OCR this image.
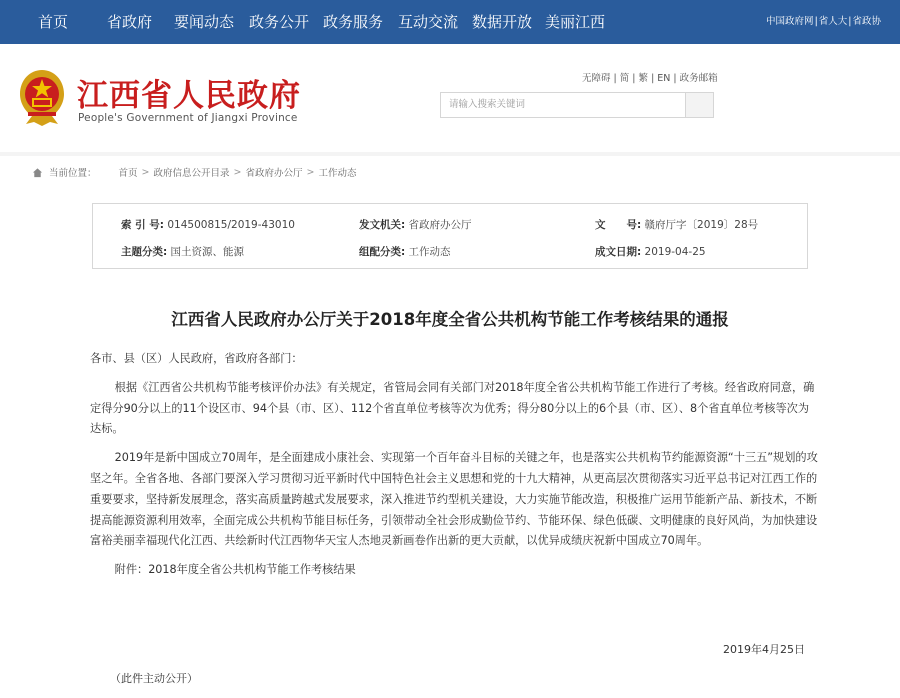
首页	省政府 要闻动态 政务公开 政务服务 互动交流 数据开放 美丽江西	中国政府网|省人大|省政协
江西省人民政府
People's Government of Jiangxi Province
无障碍 | 简 | 繁 | EN | 政务邮箱
请输入搜索关键词
当前位置： 首页 > 政府信息公开目录 > 省政府办公厅 > 工作动态
索 引 号: 014500815/2019-43010	发文机关: 省政府办公厅	文　　号: 赣府厅字〔2019〕28号
主题分类: 国土资源、能源	组配分类: 工作动态	成文日期: 2019-04-25
江西省人民政府办公厅关于2018年度全省公共机构节能工作考核结果的通报

各市、县（区）人民政府，省政府各部门：

根据《江西省公共机构节能考核评价办法》有关规定，省管局会同有关部门对2018年度全省公共机构节能工作进行了考核。经省政府同意，确定得分90分以上的11个设区市、94个县（市、区）、112个省直单位考核等次为优秀；得分80分以上的6个县（市、区）、8个省直单位考核等次为达标。

2019年是新中国成立70周年，是全面建成小康社会、实现第一个百年奋斗目标的关键之年，也是落实公共机构节约能源资源“十三五”规划的攻坚之年。全省各地、各部门要深入学习贯彻习近平新时代中国特色社会主义思想和党的十九大精神，从更高层次贯彻落实习近平总书记对江西工作的重要要求，坚持新发展理念，落实高质量跨越式发展要求，深入推进节约型机关建设，大力实施节能改造，积极推广运用节能新产品、新技术，不断提高能源资源利用效率，全面完成公共机构节能目标任务，引领带动全社会形成勤俭节约、节能环保、绿色低碳、文明健康的良好风尚，为加快建设富裕美丽幸福现代化江西、共绘新时代江西物华天宝人杰地灵新画卷作出新的更大贡献，以优异成绩庆祝新中国成立70周年。

附件：2018年度全省公共机构节能工作考核结果

2019年4月25日
（此件主动公开）
